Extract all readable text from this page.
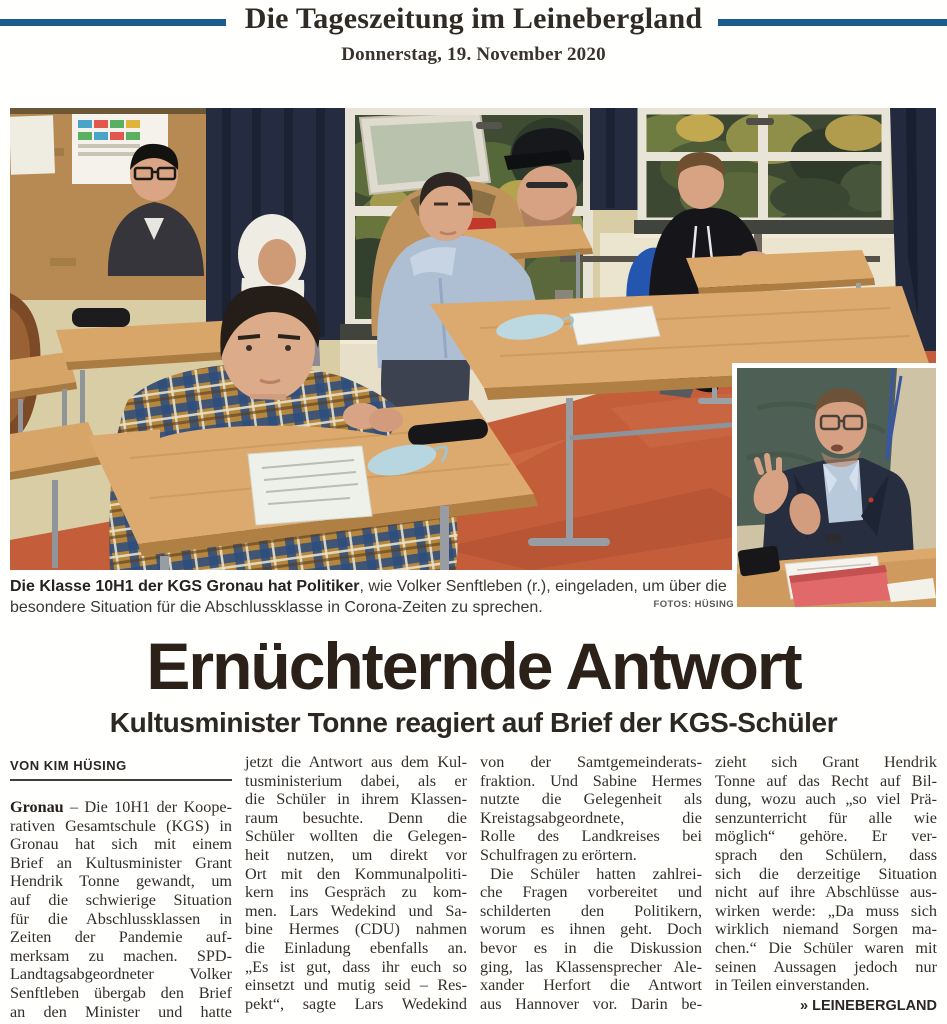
Die Tageszeitung im Leinebergland
Donnerstag, 19. November 2020
Die Klasse 10H1 der KGS Gronau hat Politiker, wie Volker Senftleben (r.), eingeladen, um über die besondere Situation für die Abschlussklasse in Corona-Zeiten zu sprechen.	FOTOS: HÜSING
Ernüchternde Antwort
Kultusminister Tonne reagiert auf Brief der KGS-Schüler
VON KIM HÜSING
Gronau – Die 10H1 der Koope-
rativen Gesamtschule (KGS) in
Gronau hat sich mit einem
Brief an Kultusminister Grant
Hendrik Tonne gewandt, um
auf die schwierige Situation
für die Abschlussklassen in
Zeiten der Pandemie auf-
merksam zu machen. SPD-
Landtagsabgeordneter Volker
Senftleben übergab den Brief
an den Minister und hatte
jetzt die Antwort aus dem Kul-
tusministerium dabei, als er
die Schüler in ihrem Klassen-
raum besuchte. Denn die
Schüler wollten die Gelegen-
heit nutzen, um direkt vor
Ort mit den Kommunalpoliti-
kern ins Gespräch zu kom-
men. Lars Wedekind und Sa-
bine Hermes (CDU) nahmen
die Einladung ebenfalls an.
„Es ist gut, dass ihr euch so
einsetzt und mutig seid – Res-
pekt“, sagte Lars Wedekind
von der Samtgemeinderats-
fraktion. Und Sabine Hermes
nutzte die Gelegenheit als
Kreistagsabgeordnete, die
Rolle des Landkreises bei
Schulfragen zu erörtern.
Die Schüler hatten zahlrei-
che Fragen vorbereitet und
schilderten den Politikern,
worum es ihnen geht. Doch
bevor es in die Diskussion
ging, las Klassensprecher Ale-
xander Herfort die Antwort
aus Hannover vor. Darin be-
zieht sich Grant Hendrik
Tonne auf das Recht auf Bil-
dung, wozu auch „so viel Prä-
senzunterricht für alle wie
möglich“ gehöre. Er ver-
sprach den Schülern, dass
sich die derzeitige Situation
nicht auf ihre Abschlüsse aus-
wirken werde: „Da muss sich
wirklich niemand Sorgen ma-
chen.“ Die Schüler waren mit
seinen Aussagen jedoch nur
in Teilen einverstanden.
» LEINEBERGLAND
